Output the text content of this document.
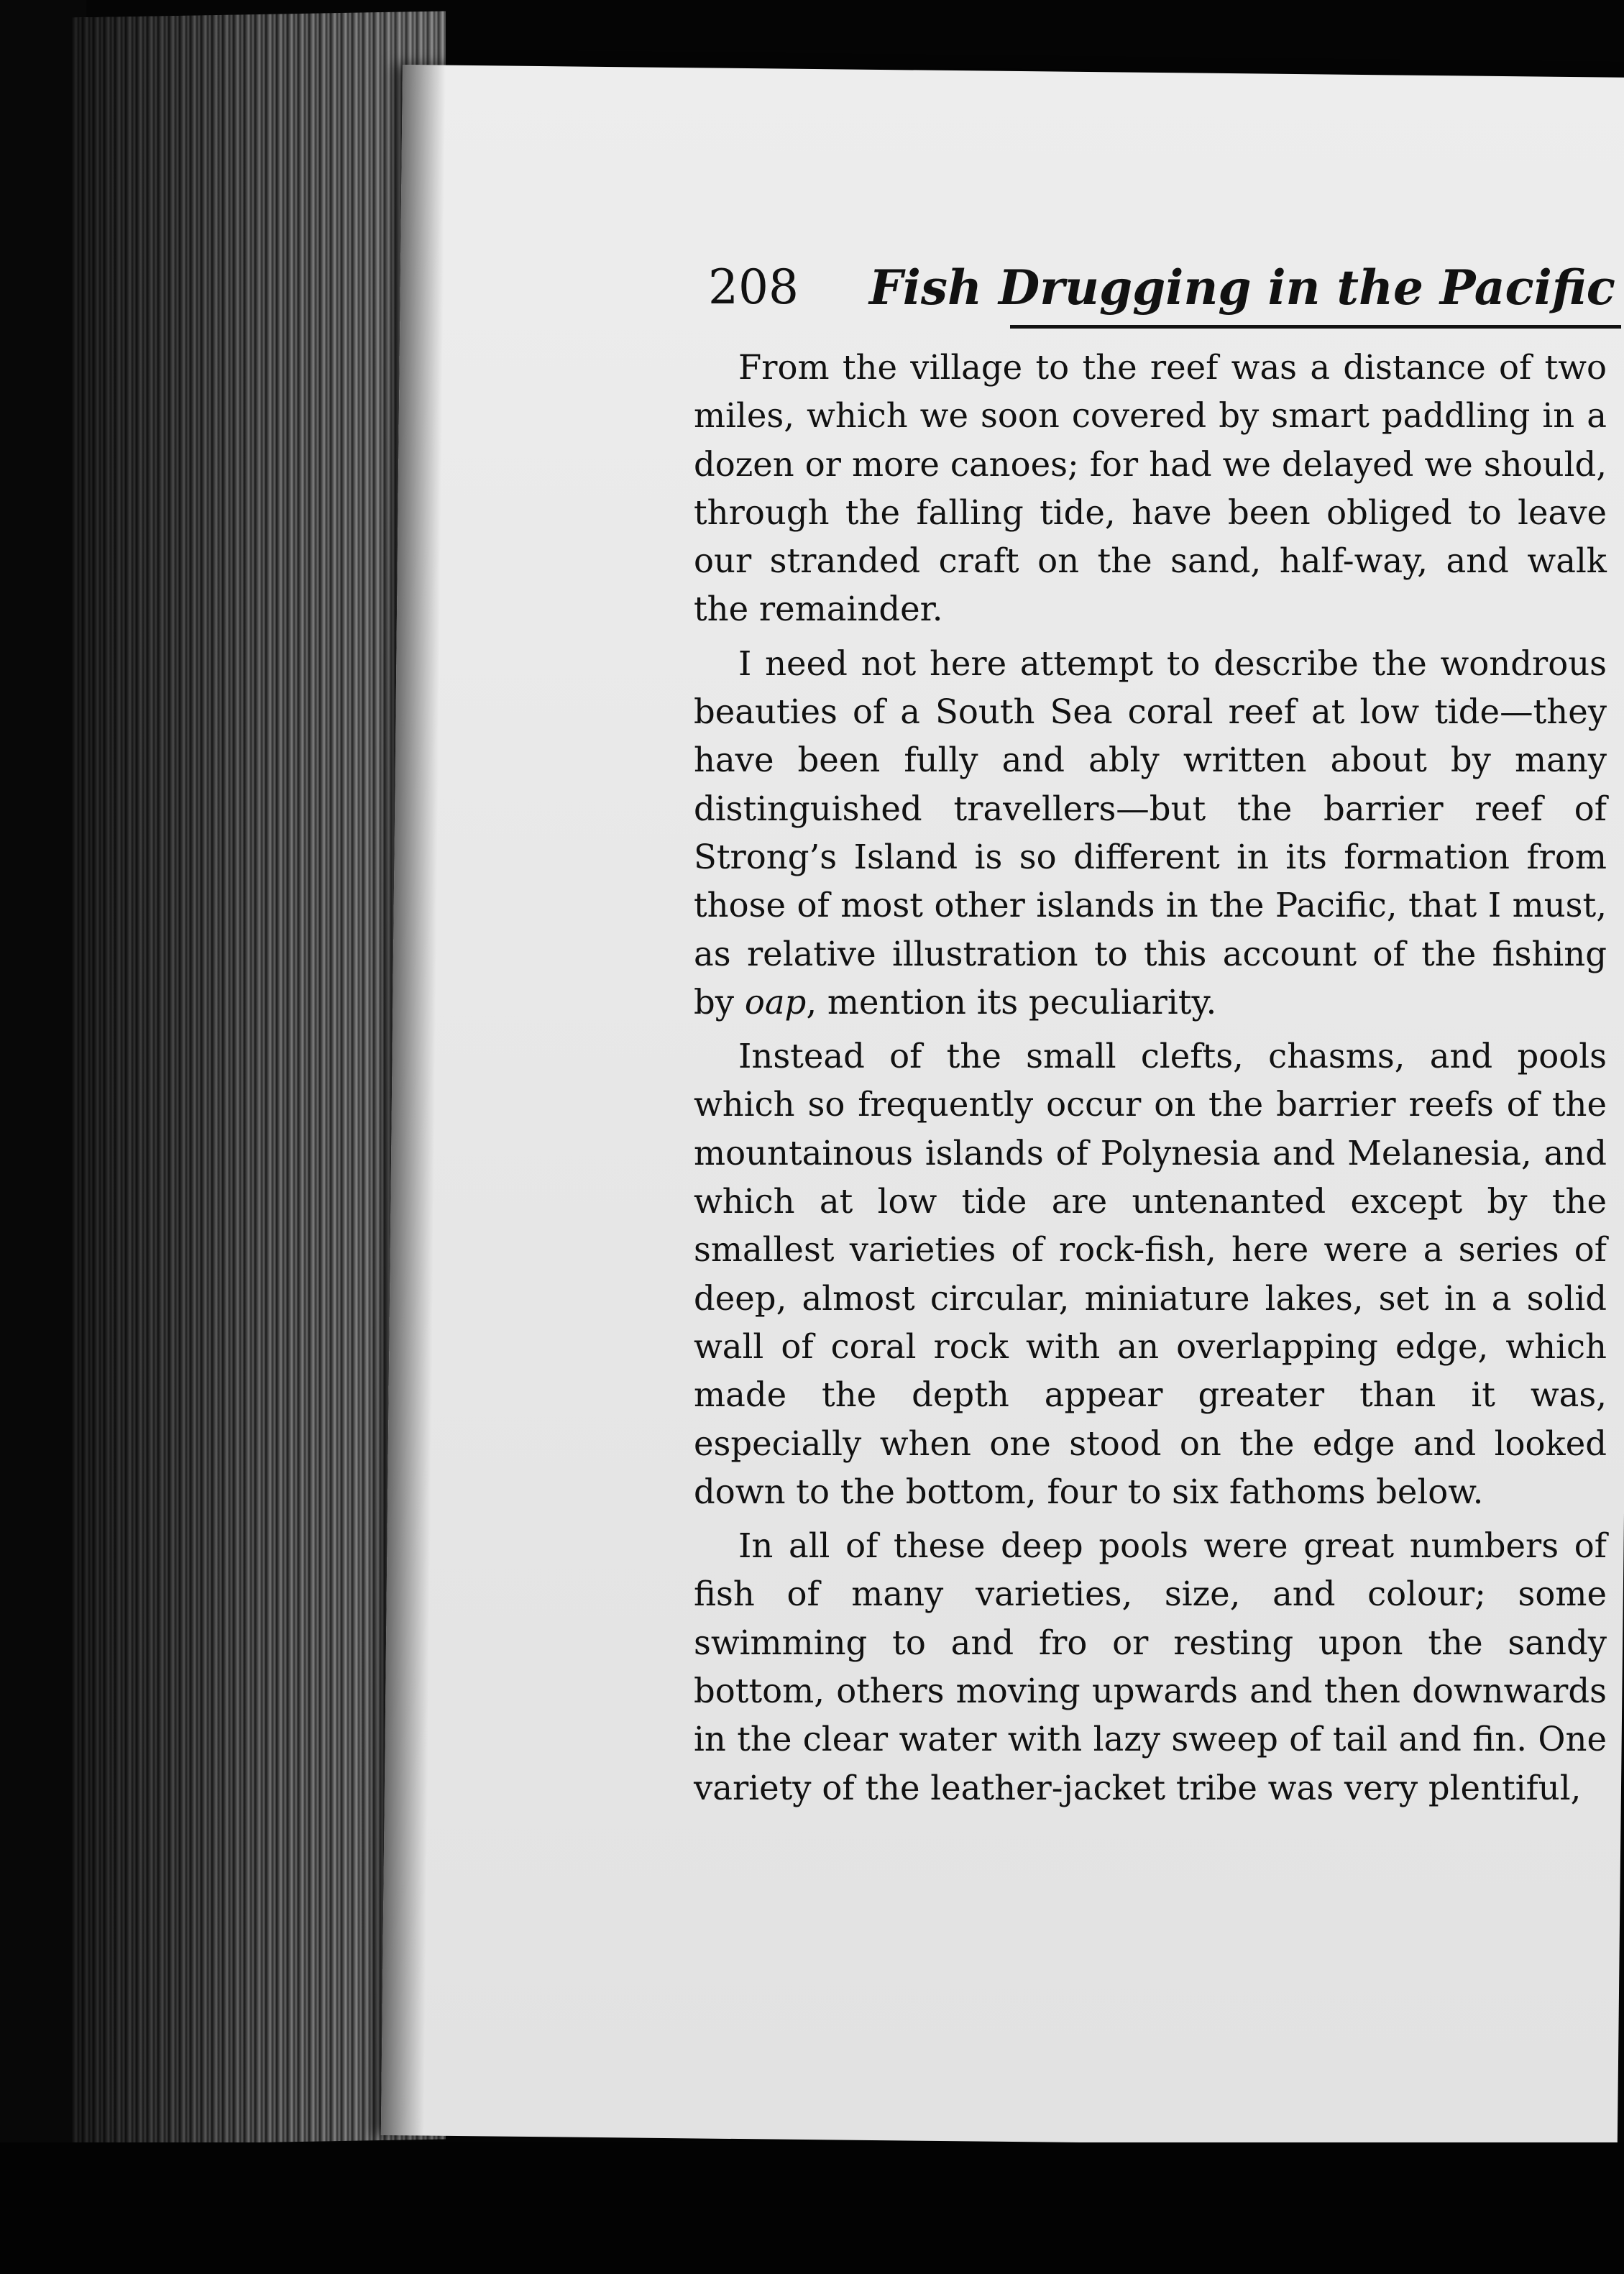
208 Fish Drugging in the Pacific

From the village to the reef was a distance of two miles, which we soon covered by smart paddling in a dozen or more canoes; for had we delayed we should, through the falling tide, have been obliged to leave our stranded craft on the sand, half-way, and walk the remainder.

I need not here attempt to describe the wondrous beauties of a South Sea coral reef at low tide—they have been fully and ably written about by many distinguished travellers—but the barrier reef of Strong’s Island is so different in its formation from those of most other islands in the Pacific, that I must, as relative illustration to this account of the fishing by oap, mention its peculiarity.

Instead of the small clefts, chasms, and pools which so frequently occur on the barrier reefs of the mountainous islands of Polynesia and Melanesia, and which at low tide are untenanted except by the smallest varieties of rock-fish, here were a series of deep, almost circular, miniature lakes, set in a solid wall of coral rock with an overlapping edge, which made the depth appear greater than it was, especially when one stood on the edge and looked down to the bottom, four to six fathoms below.

In all of these deep pools were great numbers of fish of many varieties, size, and colour; some swimming to and fro or resting upon the sandy bottom, others moving upwards and then downwards in the clear water with lazy sweep of tail and fin. One variety of the leather-jacket tribe was very plentiful,
